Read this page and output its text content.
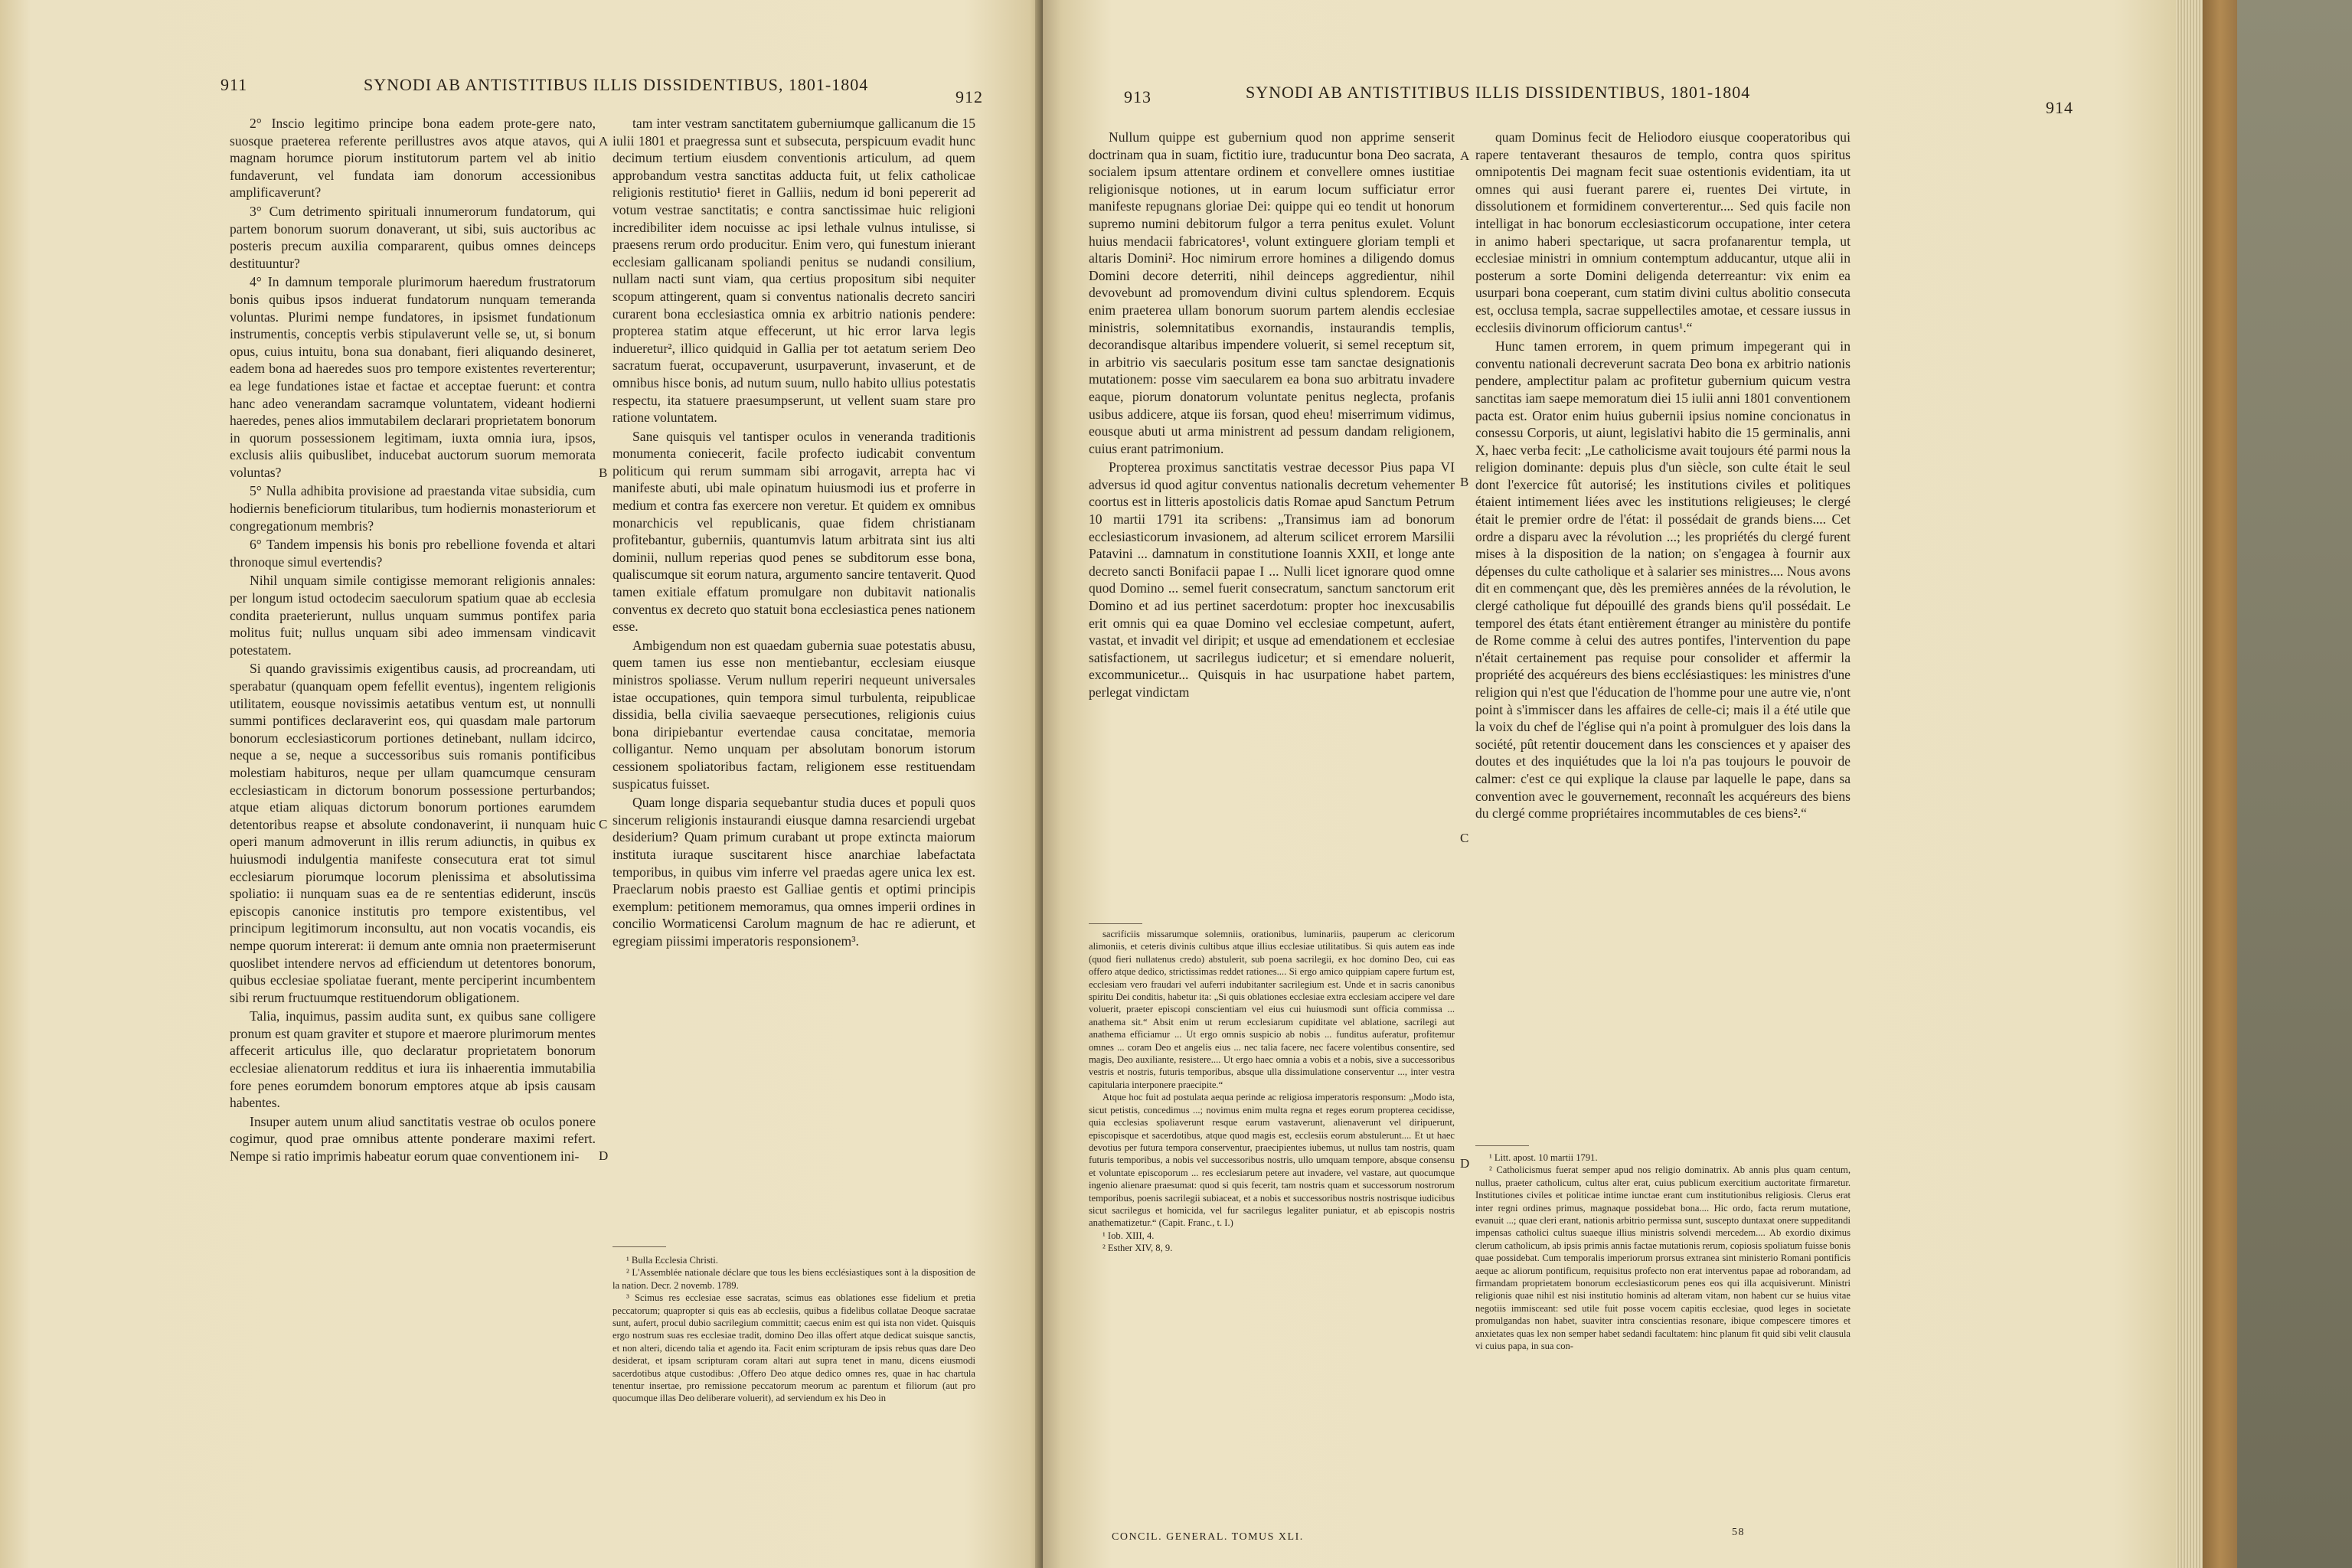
911	SYNODI AB ANTISTITIBUS ILLIS DISSIDENTIBUS, 1801-1804
912

2° Inscio legitimo principe bona eadem prote-gere nato, suosque praeterea referente perillustres avos atque atavos, qui magnam horumce piorum institutorum partem vel ab initio fundaverunt, vel fundata iam donorum accessionibus amplificaverunt?

3° Cum detrimento spirituali innumerorum fundatorum, qui partem bonorum suorum donaverant, ut sibi, suis auctoribus ac posteris precum auxilia compararent, quibus omnes deinceps destituuntur?

4° In damnum temporale plurimorum haeredum frustratorum bonis quibus ipsos induerat fundatorum nunquam temeranda voluntas. Plurimi nempe fundatores, in ipsismet fundationum instrumentis, conceptis verbis stipulaverunt velle se, ut, si bonum opus, cuius intuitu, bona sua donabant, fieri aliquando desineret, eadem bona ad haeredes suos pro tempore existentes reverterentur; ea lege fundationes istae et factae et acceptae fuerunt: et contra hanc adeo venerandam sacramque voluntatem, videant hodierni haeredes, penes alios immutabilem declarari proprietatem bonorum in quorum possessionem legitimam, iuxta omnia iura, ipsos, exclusis aliis quibuslibet, inducebat auctorum suorum memorata voluntas?

5° Nulla adhibita provisione ad praestanda vitae subsidia, cum hodiernis beneficiorum titularibus, tum hodiernis monasteriorum et congregationum membris?

6° Tandem impensis his bonis pro rebellione fovenda et altari thronoque simul evertendis?

Nihil unquam simile contigisse memorant religionis annales: per longum istud octodecim saeculorum spatium quae ab ecclesia condita praeterierunt, nullus unquam summus pontifex paria molitus fuit; nullus unquam sibi adeo immensam vindicavit potestatem.

Si quando gravissimis exigentibus causis, ad procreandam, uti sperabatur (quanquam opem fefellit eventus), ingentem religionis utilitatem, eousque novissimis aetatibus ventum est, ut nonnulli summi pontifices declaraverint eos, qui quasdam male partorum bonorum ecclesiasticorum portiones detinebant, nullam idcirco, neque a se, neque a successoribus suis romanis pontificibus molestiam habituros, neque per ullam quamcumque censuram ecclesiasticam in dictorum bonorum possessione perturbandos; atque etiam aliquas dictorum bonorum portiones earumdem detentoribus reapse et absolute condonaverint, ii nunquam huic operi manum admoverunt in illis rerum adiunctis, in quibus ex huiusmodi indulgentia manifeste consecutura erat tot simul ecclesiarum piorumque locorum plenissima et absolutissima spoliatio: ii nunquam suas ea de re sententias ediderunt, inscüs episcopis canonice institutis pro tempore existentibus, vel principum legitimorum inconsultu, aut non vocatis vocandis, eis nempe quorum intererat: ii demum ante omnia non praetermiserunt quoslibet intendere nervos ad efficiendum ut detentores bonorum, quibus ecclesiae spoliatae fuerant, mente perciperint incumbentem sibi rerum fructuumque restituendorum obligationem.

Talia, inquimus, passim audita sunt, ex quibus sane colligere pronum est quam graviter et stupore et maerore plurimorum mentes affecerit articulus ille, quo declaratur proprietatem bonorum ecclesiae alienatorum redditus et iura iis inhaerentia immutabilia fore penes eorumdem bonorum emptores atque ab ipsis causam habentes.

Insuper autem unum aliud sanctitatis vestrae ob oculos ponere cogimur, quod prae omnibus attente ponderare maximi refert. Nempe si ratio imprimis habeatur eorum quae conventionem ini-

A
B
C
D

tam inter vestram sanctitatem guberniumque gallicanum die 15 iulii 1801 et praegressa sunt et subsecuta, perspicuum evadit hunc decimum tertium eiusdem conventionis articulum, ad quem approbandum vestra sanctitas adducta fuit, ut felix catholicae religionis restitutio¹ fieret in Galliis, nedum id boni pepererit ad votum vestrae sanctitatis; e contra sanctissimae huic religioni incredibiliter idem nocuisse ac ipsi lethale vulnus intulisse, si praesens rerum ordo producitur. Enim vero, qui funestum inierant ecclesiam gallicanam spoliandi penitus se nudandi consilium, nullam nacti sunt viam, qua certius propositum sibi nequiter scopum attingerent, quam si conventus nationalis decreto sanciri curarent bona ecclesiastica omnia ex arbitrio nationis pendere: propterea statim atque effecerunt, ut hic error larva legis indueretur², illico quidquid in Gallia per tot aetatum seriem Deo sacratum fuerat, occupaverunt, usurpaverunt, invaserunt, et de omnibus hisce bonis, ad nutum suum, nullo habito ullius potestatis respectu, ita statuere praesumpserunt, ut vellent suam stare pro ratione voluntatem.

Sane quisquis vel tantisper oculos in veneranda traditionis monumenta coniecerit, facile profecto iudicabit conventum politicum qui rerum summam sibi arrogavit, arrepta hac vi manifeste abuti, ubi male opinatum huiusmodi ius et proferre in medium et contra fas exercere non veretur. Et quidem ex omnibus monarchicis vel republicanis, quae fidem christianam profitebantur, guberniis, quantumvis latum arbitrata sint ius alti dominii, nullum reperias quod penes se subditorum esse bona, qualiscumque sit eorum natura, argumento sancire tentaverit. Quod tamen exitiale effatum promulgare non dubitavit nationalis conventus ex decreto quo statuit bona ecclesiastica penes nationem esse.

Ambigendum non est quaedam gubernia suae potestatis abusu, quem tamen ius esse non mentiebantur, ecclesiam eiusque ministros spoliasse. Verum nullum reperiri nequeunt universales istae occupationes, quin tempora simul turbulenta, reipublicae dissidia, bella civilia saevaeque persecutiones, religionis cuius bona diripiebantur evertendae causa concitatae, memoria colligantur. Nemo unquam per absolutam bonorum istorum cessionem spoliatoribus factam, religionem esse restituendam suspicatus fuisset.

Quam longe disparia sequebantur studia duces et populi quos sincerum religionis instaurandi eiusque damna resarciendi urgebat desiderium? Quam primum curabant ut prope extincta maiorum instituta iuraque suscitarent hisce anarchiae labefactata temporibus, in quibus vim inferre vel praedas agere unica lex est. Praeclarum nobis praesto est Galliae gentis et optimi principis exemplum: petitionem memoramus, qua omnes imperii ordines in concilio Wormaticensi Carolum magnum de hac re adierunt, et egregiam piissimi imperatoris responsionem³.

¹ Bulla Ecclesia Christi.

² L'Assemblée nationale déclare que tous les biens ecclésiastiques sont à la disposition de la nation. Decr. 2 novemb. 1789.

³ Scimus res ecclesiae esse sacratas, scimus eas oblationes esse fidelium et pretia peccatorum; quapropter si quis eas ab ecclesiis, quibus a fidelibus collatae Deoque sacratae sunt, aufert, procul dubio sacrilegium committit; caecus enim est qui ista non videt. Quisquis ergo nostrum suas res ecclesiae tradit, domino Deo illas offert atque dedicat suisque sanctis, et non alteri, dicendo talia et agendo ita. Facit enim scripturam de ipsis rebus quas dare Deo desiderat, et ipsam scripturam coram altari aut supra tenet in manu, dicens eiusmodi sacerdotibus atque custodibus: ,Offero Deo atque dedico omnes res, quae in hac chartula tenentur insertae, pro remissione peccatorum meorum ac parentum et filiorum (aut pro quocumque illas Deo deliberare voluerit), ad serviendum ex his Deo in

913	SYNODI AB ANTISTITIBUS ILLIS DISSIDENTIBUS, 1801-1804
914

Nullum quippe est gubernium quod non apprime senserit doctrinam qua in suam, fictitio iure, traducuntur bona Deo sacrata, socialem ipsum attentare ordinem et convellere omnes iustitiae religionisque notiones, ut in earum locum sufficiatur error manifeste repugnans gloriae Dei: quippe qui eo tendit ut honorum supremo numini debitorum fulgor a terra penitus exulet. Volunt huius mendacii fabricatores¹, volunt extinguere gloriam templi et altaris Domini². Hoc nimirum errore homines a diligendo domus Domini decore deterriti, nihil deinceps aggredientur, nihil devovebunt ad promovendum divini cultus splendorem. Ecquis enim praeterea ullam bonorum suorum partem alendis ecclesiae ministris, solemnitatibus exornandis, instaurandis templis, decorandisque altaribus impendere voluerit, si semel receptum sit, in arbitrio vis saecularis positum esse tam sanctae designationis mutationem: posse vim saecularem ea bona suo arbitratu invadere eaque, piorum donatorum voluntate penitus neglecta, profanis usibus addicere, atque iis forsan, quod eheu! miserrimum vidimus, eousque abuti ut arma ministrent ad pessum dandam religionem, cuius erant patrimonium.

Propterea proximus sanctitatis vestrae decessor Pius papa VI adversus id quod agitur conventus nationalis decretum vehementer coortus est in litteris apostolicis datis Romae apud Sanctum Petrum 10 martii 1791 ita scribens: „Transimus iam ad bonorum ecclesiasticorum invasionem, ad alterum scilicet errorem Marsilii Patavini ... damnatum in constitutione Ioannis XXII, et longe ante decreto sancti Bonifacii papae I ... Nulli licet ignorare quod omne quod Domino ... semel fuerit consecratum, sanctum sanctorum erit Domino et ad ius pertinet sacerdotum: propter hoc inexcusabilis erit omnis qui ea quae Domino vel ecclesiae competunt, aufert, vastat, et invadit vel diripit; et usque ad emendationem et ecclesiae satisfactionem, ut sacrilegus iudicetur; et si emendare noluerit, excommunicetur... Quisquis in hac usurpatione habet partem, perlegat vindictam

sacrificiis missarumque solemniis, orationibus, luminariis, pauperum ac clericorum alimoniis, et ceteris divinis cultibus atque illius ecclesiae utilitatibus. Si quis autem eas inde (quod fieri nullatenus credo) abstulerit, sub poena sacrilegii, ex hoc domino Deo, cui eas offero atque dedico, strictissimas reddet rationes.... Si ergo amico quippiam capere furtum est, ecclesiam vero fraudari vel auferri indubitanter sacrilegium est. Unde et in sacris canonibus spiritu Dei conditis, habetur ita: „Si quis oblationes ecclesiae extra ecclesiam accipere vel dare voluerit, praeter episcopi conscientiam vel eius cui huiusmodi sunt officia commissa ... anathema sit.“ Absit enim ut rerum ecclesiarum cupiditate vel ablatione, sacrilegi aut anathema efficiamur ... Ut ergo omnis suspicio ab nobis ... funditus auferatur, profitemur omnes ... coram Deo et angelis eius ... nec talia facere, nec facere volentibus consentire, sed magis, Deo auxiliante, resistere.... Ut ergo haec omnia a vobis et a nobis, sive a successoribus vestris et nostris, futuris temporibus, absque ulla dissimulatione conserventur ..., inter vestra capitularia interponere praecipite.“

Atque hoc fuit ad postulata aequa perinde ac religiosa imperatoris responsum: „Modo ista, sicut petistis, concedimus ...; novimus enim multa regna et reges eorum propterea cecidisse, quia ecclesias spoliaverunt resque earum vastaverunt, alienaverunt vel diripuerunt, episcopisque et sacerdotibus, atque quod magis est, ecclesiis eorum abstulerunt.... Et ut haec devotius per futura tempora conserventur, praecipientes iubemus, ut nullus tam nostris, quam futuris temporibus, a nobis vel successoribus nostris, ullo umquam tempore, absque consensu et voluntate episcoporum ... res ecclesiarum petere aut invadere, vel vastare, aut quocumque ingenio alienare praesumat: quod si quis fecerit, tam nostris quam et successorum nostrorum temporibus, poenis sacrilegii subiaceat, et a nobis et successoribus nostris nostrisque iudicibus sicut sacrilegus et homicida, vel fur sacrilegus legaliter puniatur, et ab episcopis nostris anathematizetur.“ (Capit. Franc., t. I.)

¹ Iob. XIII, 4.

² Esther XIV, 8, 9.

A
B
C
D

quam Dominus fecit de Heliodoro eiusque cooperatoribus qui rapere tentaverant thesauros de templo, contra quos spiritus omnipotentis Dei magnam fecit suae ostentionis evidentiam, ita ut omnes qui ausi fuerant parere ei, ruentes Dei virtute, in dissolutionem et formidinem converterentur.... Sed quis facile non intelligat in hac bonorum ecclesiasticorum occupatione, inter cetera in animo haberi spectarique, ut sacra profanarentur templa, ut ecclesiae ministri in omnium contemptum adducantur, utque alii in posterum a sorte Domini deligenda deterreantur: vix enim ea usurpari bona coeperant, cum statim divini cultus abolitio consecuta est, occlusa templa, sacrae suppellectiles amotae, et cessare iussus in ecclesiis divinorum officiorum cantus¹.“

Hunc tamen errorem, in quem primum impegerant qui in conventu nationali decreverunt sacrata Deo bona ex arbitrio nationis pendere, amplectitur palam ac profitetur gubernium quicum vestra sanctitas iam saepe memoratum diei 15 iulii anni 1801 conventionem pacta est. Orator enim huius gubernii ipsius nomine concionatus in consessu Corporis, ut aiunt, legislativi habito die 15 germinalis, anni X, haec verba fecit: „Le catholicisme avait toujours été parmi nous la religion dominante: depuis plus d'un siècle, son culte était le seul dont l'exercice fût autorisé; les institutions civiles et politiques étaient intimement liées avec les institutions religieuses; le clergé était le premier ordre de l'état: il possédait de grands biens.... Cet ordre a disparu avec la révolution ...; les propriétés du clergé furent mises à la disposition de la nation; on s'engagea à fournir aux dépenses du culte catholique et à salarier ses ministres.... Nous avons dit en commençant que, dès les premières années de la révolution, le clergé catholique fut dépouillé des grands biens qu'il possédait. Le temporel des états étant entièrement étranger au ministère du pontife de Rome comme à celui des autres pontifes, l'intervention du pape n'était certainement pas requise pour consolider et affermir la propriété des acquéreurs des biens ecclésiastiques: les ministres d'une religion qui n'est que l'éducation de l'homme pour une autre vie, n'ont point à s'immiscer dans les affaires de celle-ci; mais il a été utile que la voix du chef de l'église qui n'a point à promulguer des lois dans la société, pût retentir doucement dans les consciences et y apaiser des doutes et des inquiétudes que la loi n'a pas toujours le pouvoir de calmer: c'est ce qui explique la clause par laquelle le pape, dans sa convention avec le gouvernement, reconnaît les acquéreurs des biens du clergé comme propriétaires incommutables de ces biens².“

¹ Litt. apost. 10 martii 1791.

² Catholicismus fuerat semper apud nos religio dominatrix. Ab annis plus quam centum, nullus, praeter catholicum, cultus alter erat, cuius publicum exercitium auctoritate firmaretur. Institutiones civiles et politicae intime iunctae erant cum institutionibus religiosis. Clerus erat inter regni ordines primus, magnaque possidebat bona.... Hic ordo, facta rerum mutatione, evanuit ...; quae cleri erant, nationis arbitrio permissa sunt, suscepto duntaxat onere suppeditandi impensas catholici cultus suaeque illius ministris solvendi mercedem.... Ab exordio diximus clerum catholicum, ab ipsis primis annis factae mutationis rerum, copiosis spoliatum fuisse bonis quae possidebat. Cum temporalis imperiorum prorsus extranea sint ministerio Romani pontificis aeque ac aliorum pontificum, requisitus profecto non erat interventus papae ad roborandam, ad firmandam proprietatem bonorum ecclesiasticorum penes eos qui illa acquisiverunt. Ministri religionis quae nihil est nisi institutio hominis ad alteram vitam, non habent cur se huius vitae negotiis immisceant: sed utile fuit posse vocem capitis ecclesiae, quod leges in societate promulgandas non habet, suaviter intra conscientias resonare, ibique compescere timores et anxietates quas lex non semper habet sedandi facultatem: hinc planum fit quid sibi velit clausula vi cuius papa, in sua con-

CONCIL. GENERAL. TOMUS XLI.	58
